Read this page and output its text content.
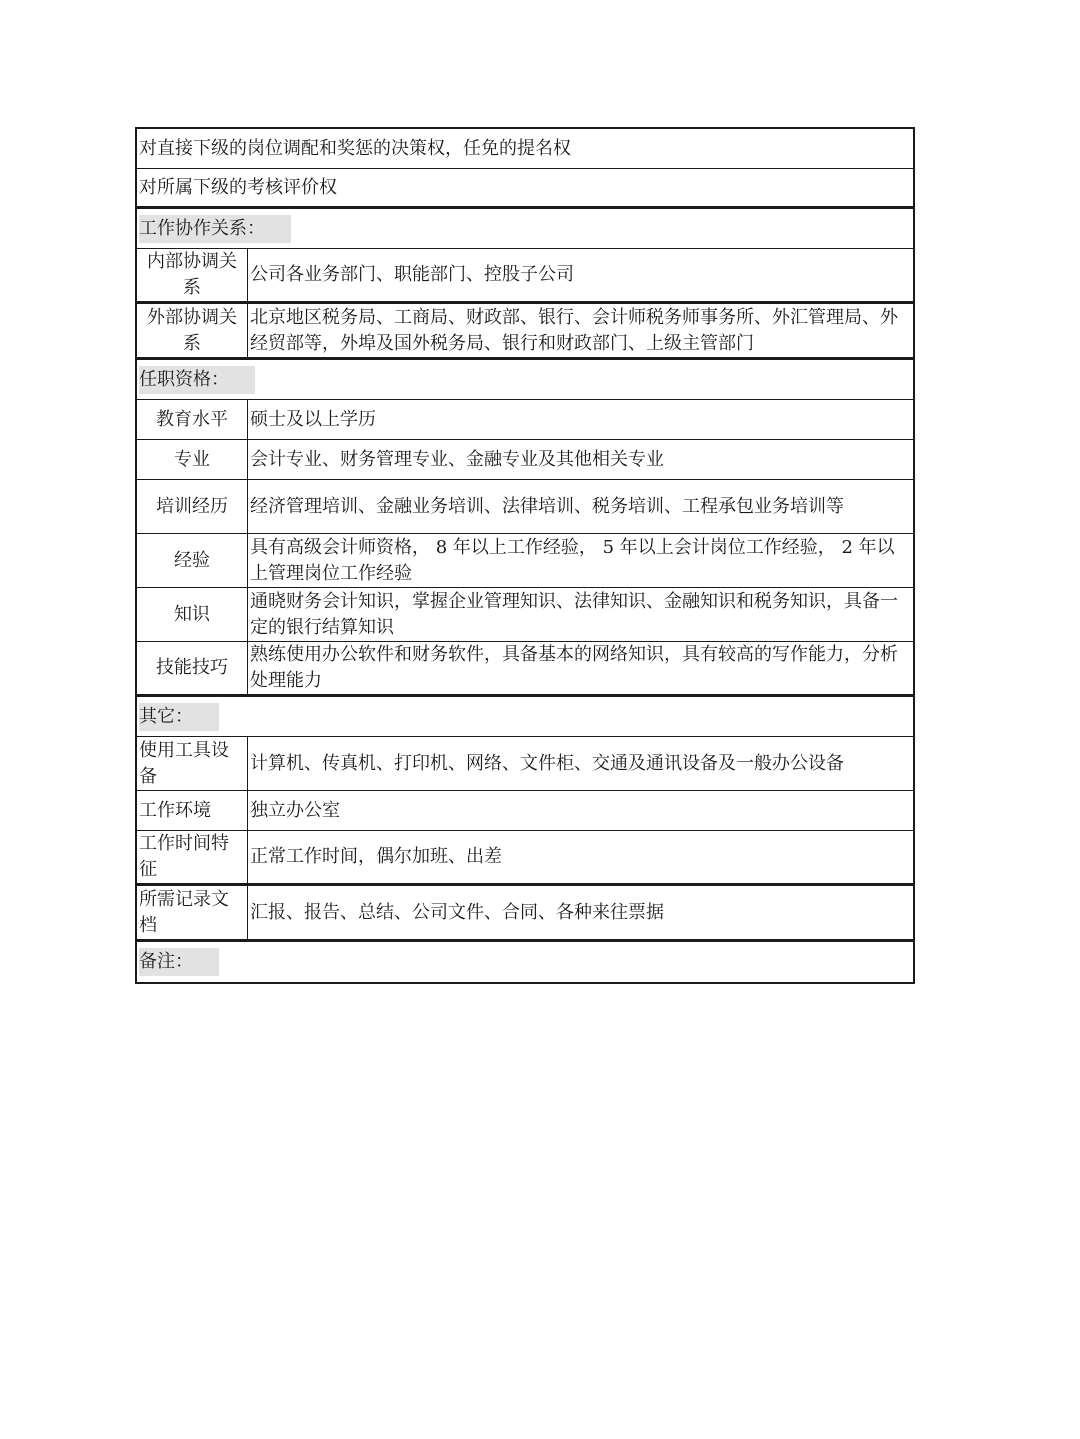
对直接下级的岗位调配和奖惩的决策权，任免的提名权
对所属下级的考核评价权
工作协作关系：
内部协调关系
公司各业务部门、职能部门、控股子公司
外部协调关系
北京地区税务局、工商局、财政部、银行、会计师税务师事务所、外汇管理局、外经贸部等，外埠及国外税务局、银行和财政部门、上级主管部门
任职资格：
教育水平 硕士及以上学历
专业 会计专业、财务管理专业、金融专业及其他相关专业
培训经历 经济管理培训、金融业务培训、法律培训、税务培训、工程承包业务培训等
经验
具有高级会计师资格， 8 年以上工作经验， 5 年以上会计岗位工作经验， 2 年以上管理岗位工作经验
知识
通晓财务会计知识，掌握企业管理知识、法律知识、金融知识和税务知识，具备一定的银行结算知识
技能技巧
熟练使用办公软件和财务软件，具备基本的网络知识，具有较高的写作能力，分析处理能力
其它：
使用工具设备
计算机、传真机、打印机、网络、文件柜、交通及通讯设备及一般办公设备
工作环境 独立办公室
工作时间特征
正常工作时间，偶尔加班、出差
所需记录文档
汇报、报告、总结、公司文件、合同、各种来往票据
备注：
